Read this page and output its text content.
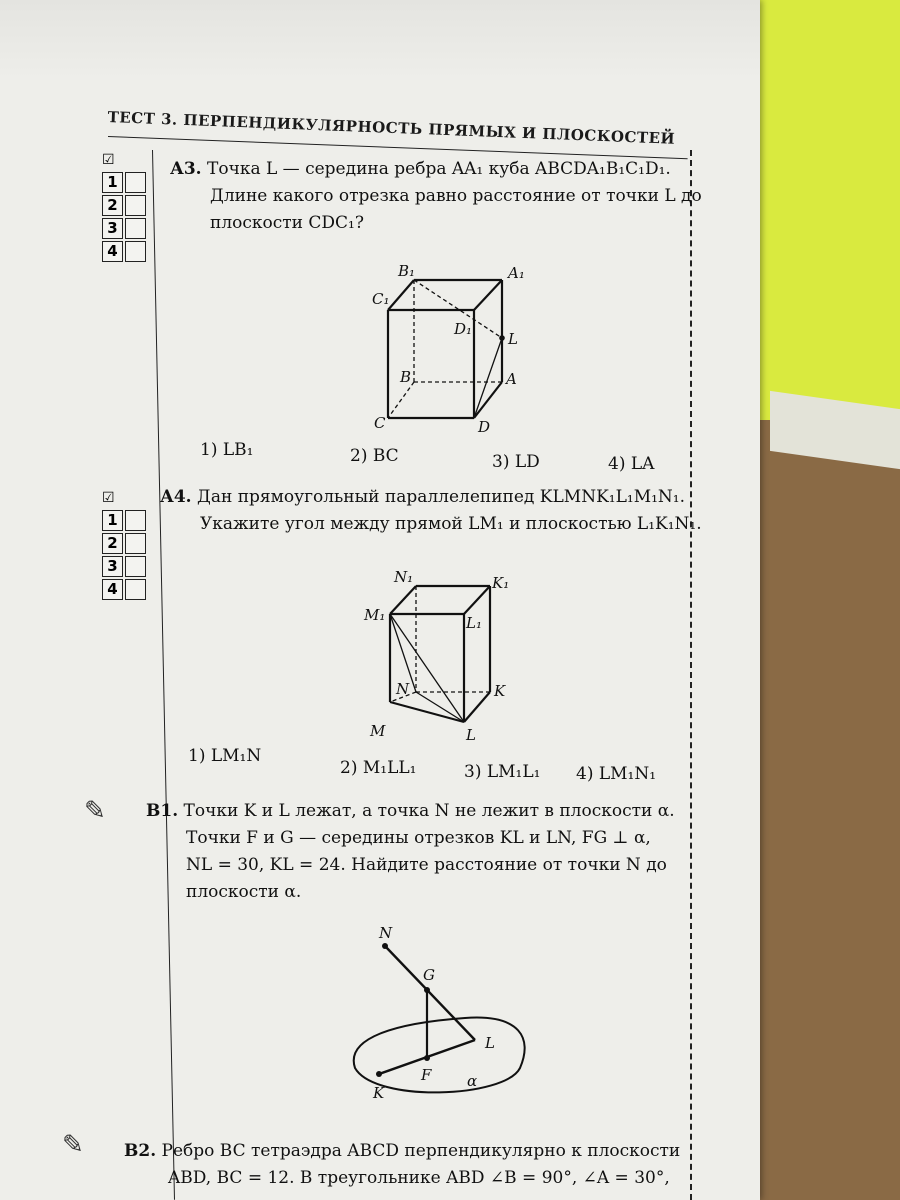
ТЕСТ 3. ПЕРПЕНДИКУЛЯРНОСТЬ ПРЯМЫХ И ПЛОСКОСТЕЙ
☑
1
2
3
4
А3. Точка L — середина ребра AA₁ куба ABCDA₁B₁C₁D₁.
Длине какого отрезка равно расстояние от точки L до
плоскости CDC₁?
B₁	A₁
C₁
D₁
L
B	A
C	D
1) LB₁	2) BC	3) LD	4) LA
☑
1
2
3
4
А4. Дан прямоугольный параллелепипед KLMNK₁L₁M₁N₁.
Укажите угол между прямой LM₁ и плоскостью L₁K₁N₁.
N₁	K₁
M₁	L₁
N	K
M	L
1) LM₁N
2) M₁LL₁	3) LM₁L₁ 4) LM₁N₁
✎ В1. Точки K и L лежат, а точка N не лежит в плоскости α.
Точки F и G — середины отрезков KL и LN, FG ⊥ α,
NL = 30, KL = 24. Найдите расстояние от точки N до
плоскости α.
N
G
L
F
K
α
✎ В2. Ребро BC тетраэдра ABCD перпендикулярно к плоскости
ABD, BC = 12. В треугольнике ABD ∠B = 90°, ∠A = 30°,
